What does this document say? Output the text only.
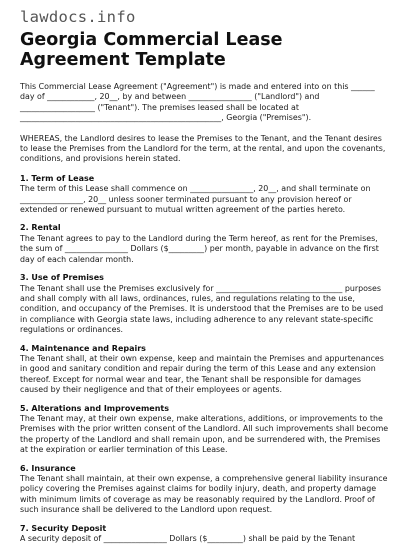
lawdocs.info
Georgia Commercial Lease Agreement Template

This Commercial Lease Agreement ("Agreement") is made and entered into on this ______ day of ____________, 20__, by and between ________________ ("Landlord") and ___________________ ("Tenant"). The premises leased shall be located at ___________________________________________________, Georgia ("Premises").

WHEREAS, the Landlord desires to lease the Premises to the Tenant, and the Tenant desires to lease the Premises from the Landlord for the term, at the rental, and upon the covenants, conditions, and provisions herein stated.

1. Term of Lease

The term of this Lease shall commence on ________________, 20__, and shall terminate on ________________, 20__ unless sooner terminated pursuant to any provision hereof or extended or renewed pursuant to mutual written agreement of the parties hereto.

2. Rental

The Tenant agrees to pay to the Landlord during the Term hereof, as rent for the Premises, the sum of ________________ Dollars ($_________) per month, payable in advance on the first day of each calendar month.

3. Use of Premises

The Tenant shall use the Premises exclusively for ________________________________ purposes and shall comply with all laws, ordinances, rules, and regulations relating to the use, condition, and occupancy of the Premises. It is understood that the Premises are to be used in compliance with Georgia state laws, including adherence to any relevant state-specific regulations or ordinances.

4. Maintenance and Repairs

The Tenant shall, at their own expense, keep and maintain the Premises and appurtenances in good and sanitary condition and repair during the term of this Lease and any extension thereof. Except for normal wear and tear, the Tenant shall be responsible for damages caused by their negligence and that of their employees or agents.

5. Alterations and Improvements

The Tenant may, at their own expense, make alterations, additions, or improvements to the Premises with the prior written consent of the Landlord. All such improvements shall become the property of the Landlord and shall remain upon, and be surrendered with, the Premises at the expiration or earlier termination of this Lease.

6. Insurance

The Tenant shall maintain, at their own expense, a comprehensive general liability insurance policy covering the Premises against claims for bodily injury, death, and property damage with minimum limits of coverage as may be reasonably required by the Landlord. Proof of such insurance shall be delivered to the Landlord upon request.

7. Security Deposit

A security deposit of ________________ Dollars ($_________) shall be paid by the Tenant
